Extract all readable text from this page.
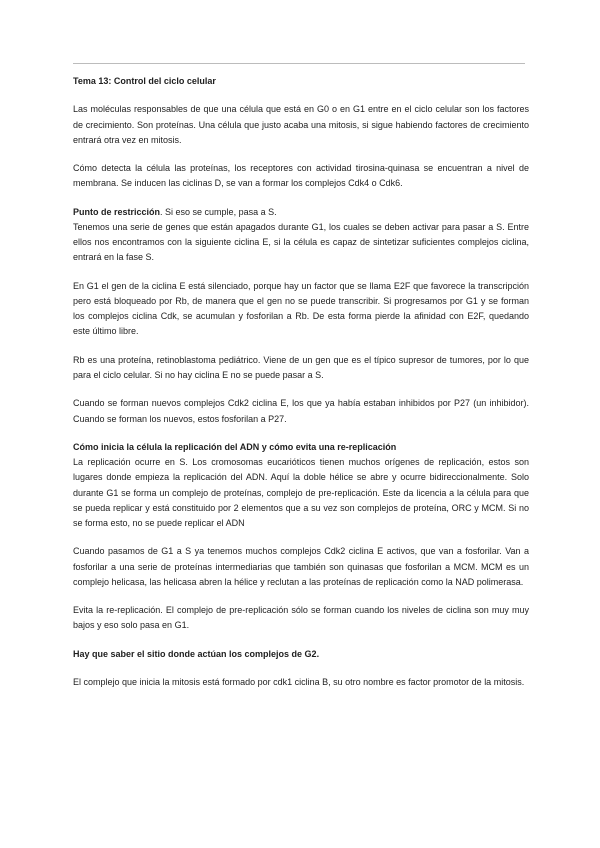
Tema 13: Control del ciclo celular

Las moléculas responsables de que una célula que está en G0 o en G1 entre en el ciclo celular son los factores de crecimiento. Son proteínas. Una célula que justo acaba una mitosis, si sigue habiendo factores de crecimiento entrará otra vez en mitosis.

Cómo detecta la célula las proteínas, los receptores con actividad tirosina-quinasa se encuentran a nivel de membrana. Se inducen las ciclinas D, se van a formar los complejos Cdk4 o Cdk6.

Punto de restricción. Si eso se cumple, pasa a S.

Tenemos una serie de genes que están apagados durante G1, los cuales se deben activar para pasar a S. Entre ellos nos encontramos con la siguiente ciclina E, si la célula es capaz de sintetizar suficientes complejos ciclina, entrará en la fase S.

En G1 el gen de la ciclina E está silenciado, porque hay un factor que se llama E2F que favorece la transcripción pero está bloqueado por Rb, de manera que el gen no se puede transcribir. Si progresamos por G1 y se forman los complejos ciclina Cdk, se acumulan y fosforilan a Rb. De esta forma pierde la afinidad con E2F, quedando este último libre.

Rb es una proteína, retinoblastoma pediátrico. Viene de un gen que es el típico supresor de tumores, por lo que para el ciclo celular. Si no hay ciclina E no se puede pasar a S.

Cuando se forman nuevos complejos Cdk2 ciclina E, los que ya había estaban inhibidos por P27 (un inhibidor). Cuando se forman los nuevos, estos fosforilan a P27.

Cómo inicia la célula la replicación del ADN y cómo evita una re-replicación

La replicación ocurre en S. Los cromosomas eucarióticos tienen muchos orígenes de replicación, estos son lugares donde empieza la replicación del ADN. Aquí la doble hélice se abre y ocurre bidireccionalmente. Solo durante G1 se forma un complejo de proteínas, complejo de pre-replicación. Este da licencia a la célula para que se pueda replicar y está constituido por 2 elementos que a su vez son complejos de proteína, ORC y MCM. Si no se forma esto, no se puede replicar el ADN

Cuando pasamos de G1 a S ya tenemos muchos complejos Cdk2 ciclina E activos, que van a fosforilar. Van a fosforilar a una serie de proteínas intermediarias que también son quinasas que fosforilan a MCM. MCM es un complejo helicasa, las helicasa abren la hélice y reclutan a las proteínas de replicación como la NAD polimerasa.

Evita la re-replicación. El complejo de pre-replicación sólo se forman cuando los niveles de ciclina son muy muy bajos y eso solo pasa en G1.

Hay que saber el sitio donde actúan los complejos de G2.

El complejo que inicia la mitosis está formado por cdk1 ciclina B, su otro nombre es factor promotor de la mitosis.
